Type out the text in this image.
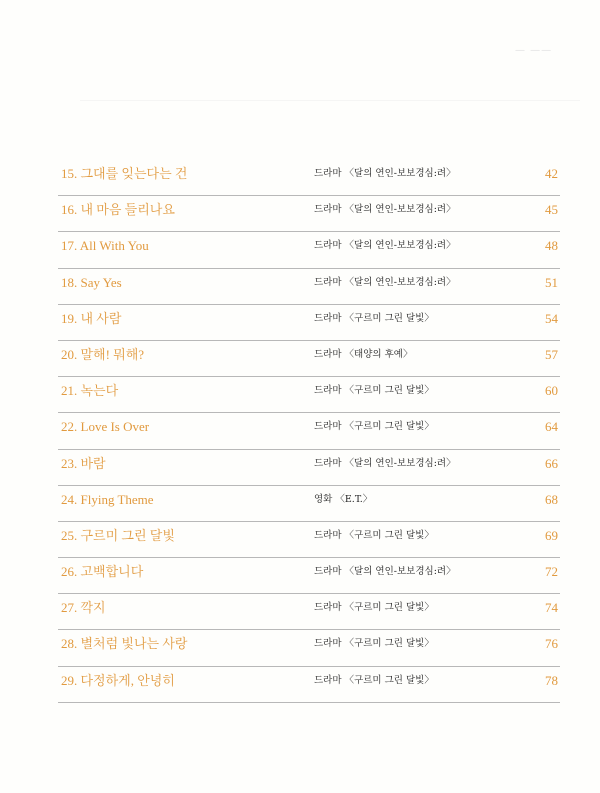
— ——
15. 그대를 잊는다는 건	드라마 〈달의 연인-보보경심:려〉	42
16. 내 마음 들리나요	드라마 〈달의 연인-보보경심:려〉	45
17. All With You	드라마 〈달의 연인-보보경심:려〉	48
18. Say Yes	드라마 〈달의 연인-보보경심:려〉	51
19. 내 사람	드라마 〈구르미 그린 달빛〉	54
20. 말해! 뭐해?	드라마 〈태양의 후예〉	57
21. 녹는다	드라마 〈구르미 그린 달빛〉	60
22. Love Is Over	드라마 〈구르미 그린 달빛〉	64
23. 바람	드라마 〈달의 연인-보보경심:려〉	66
24. Flying Theme	영화 〈E.T.〉	68
25. 구르미 그린 달빛	드라마 〈구르미 그린 달빛〉	69
26. 고백합니다	드라마 〈달의 연인-보보경심:려〉	72
27. 깍지	드라마 〈구르미 그린 달빛〉	74
28. 별처럼 빛나는 사랑	드라마 〈구르미 그린 달빛〉	76
29. 다정하게, 안녕히	드라마 〈구르미 그린 달빛〉	78
